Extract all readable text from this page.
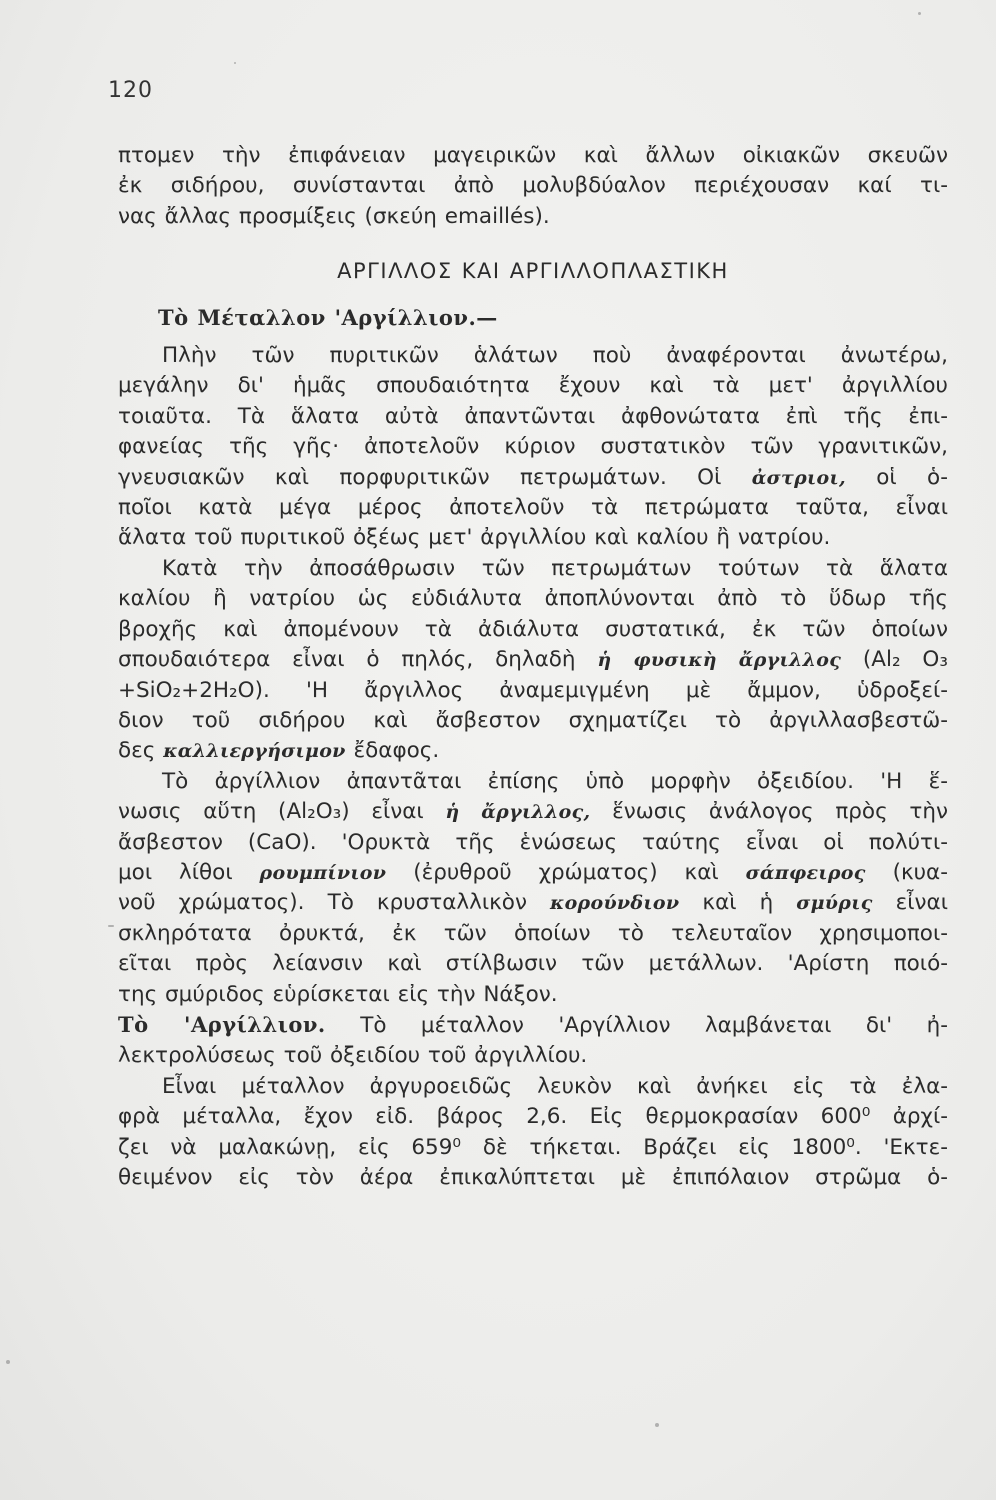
120
πτομεν τὴν ἐπιφάνειαν μαγειρικῶν καὶ ἄλλων οἰκιακῶν σκευῶν
ἐκ σιδήρου, συνίστανται ἀπὸ μολυβδύαλον περιέχουσαν καί τι-
νας ἄλλας προσμίξεις (σκεύη emaillés).
ΑΡΓΙΛΛΟΣ ΚΑΙ ΑΡΓΙΛΛΟΠΛΑΣΤΙΚΗ
Τὸ Μέταλλον 'Αργίλλιον.—
Πλὴν τῶν πυριτικῶν ἁλάτων ποὺ ἀναφέρονται ἀνωτέρω,
μεγάλην δι' ἡμᾶς σπουδαιότητα ἔχουν καὶ τὰ μετ' ἀργιλλίου
τοιαῦτα. Τὰ ἅλατα αὐτὰ ἀπαντῶνται ἀφθονώτατα ἐπὶ τῆς ἐπι-
φανείας τῆς γῆς· ἀποτελοῦν κύριον συστατικὸν τῶν γρανιτικῶν,
γνευσιακῶν καὶ πορφυριτικῶν πετρωμάτων. Οἱ ἀστριοι, οἱ ὁ-
ποῖοι κατὰ μέγα μέρος ἀποτελοῦν τὰ πετρώματα ταῦτα, εἶναι
ἅλατα τοῦ πυριτικοῦ ὀξέως μετ' ἀργιλλίου καὶ καλίου ἢ νατρίου.
Κατὰ τὴν ἀποσάθρωσιν τῶν πετρωμάτων τούτων τὰ ἅλατα
καλίου ἢ νατρίου ὡς εὐδιάλυτα ἀποπλύνονται ἀπὸ τὸ ὕδωρ τῆς
βροχῆς καὶ ἀπομένουν τὰ ἀδιάλυτα συστατικά, ἐκ τῶν ὁποίων
σπουδαιότερα εἶναι ὁ πηλός, δηλαδὴ ἡ φυσικὴ ἄργιλλος (Al₂ O₃
+SiO₂+2H₂O). 'Η ἄργιλλος ἀναμεμιγμένη μὲ ἄμμον, ὑδροξεί-
διον τοῦ σιδήρου καὶ ἄσβεστον σχηματίζει τὸ ἀργιλλασβεστῶ-
δες καλλιεργήσιμον ἔδαφος.
Τὸ ἀργίλλιον ἀπαντᾶται ἐπίσης ὑπὸ μορφὴν ὀξειδίου. 'Η ἕ-
νωσις αὕτη (Al₂O₃) εἶναι ἡ ἄργιλλος, ἕνωσις ἀνάλογος πρὸς τὴν
ἄσβεστον (CaO). 'Ορυκτὰ τῆς ἑνώσεως ταύτης εἶναι οἱ πολύτι-
μοι λίθοι ρουμπίνιον (ἐρυθροῦ χρώματος) καὶ σάπφειρος (κυα-
νοῦ χρώματος). Τὸ κρυσταλλικὸν κορούνδιον καὶ ἡ σμύρις εἶναι
σκληρότατα ὀρυκτά, ἐκ τῶν ὁποίων τὸ τελευταῖον χρησιμοποι-
εῖται πρὸς λείανσιν καὶ στίλβωσιν τῶν μετάλλων. 'Αρίστη ποιό-
της σμύριδος εὑρίσκεται εἰς τὴν Νάξον.
Τὸ 'Αργίλλιον. Τὸ μέταλλον 'Αργίλλιον λαμβάνεται δι' ἠ-
λεκτρολύσεως τοῦ ὀξειδίου τοῦ ἀργιλλίου.
Εἶναι μέταλλον ἀργυροειδῶς λευκὸν καὶ ἀνήκει εἰς τὰ ἐλα-
φρὰ μέταλλα, ἔχον εἰδ. βάρος 2,6. Εἰς θερμοκρασίαν 600⁰ ἀρχί-
ζει νὰ μαλακώνῃ, εἰς 659⁰ δὲ τήκεται. Βράζει εἰς 1800⁰. 'Εκτε-
θειμένον εἰς τὸν ἀέρα ἐπικαλύπτεται μὲ ἐπιπόλαιον στρῶμα ὁ-
